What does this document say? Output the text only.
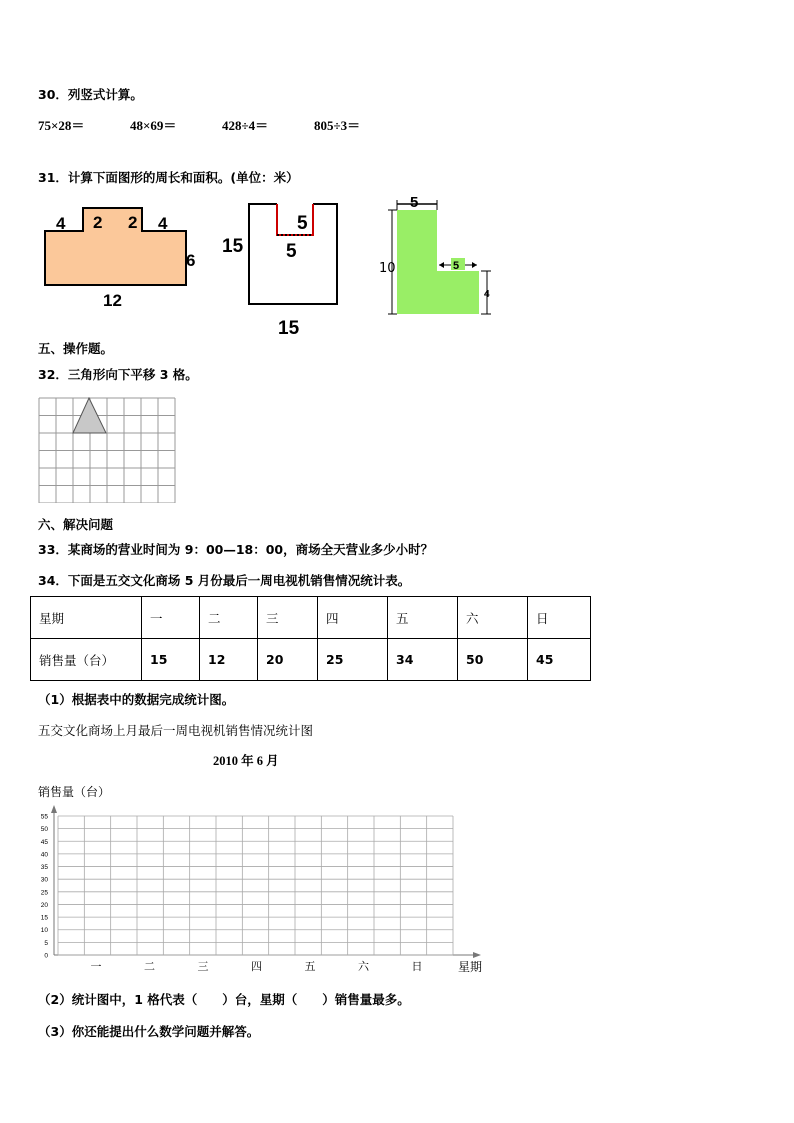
30．列竖式计算。
75×28＝	48×69＝	428÷4＝	805÷3＝
31．计算下面图形的周长和面积。(单位：米）
4 2 2 4
6
12
5
15 5
15
5
10	5
4
五、操作题。
32．三角形向下平移 3 格。
六、解决问题
33．某商场的营业时间为 9：00—18：00，商场全天营业多少小时？
34．下面是五交文化商场 5 月份最后一周电视机销售情况统计表。
星期	一	二	三	四	五	六	日
销售量（台）	15	12	20	25	34	50	45
（1）根据表中的数据完成统计图。
五交文化商场上月最后一周电视机销售情况统计图
2010 年 6 月
销售量（台）
0
5
10
15
20
25
30
35
40
45
50
55
一	二	三	四	五	六	日	星期
（2）统计图中，1 格代表（　　）台，星期（　　）销售量最多。
（3）你还能提出什么数学问题并解答。
